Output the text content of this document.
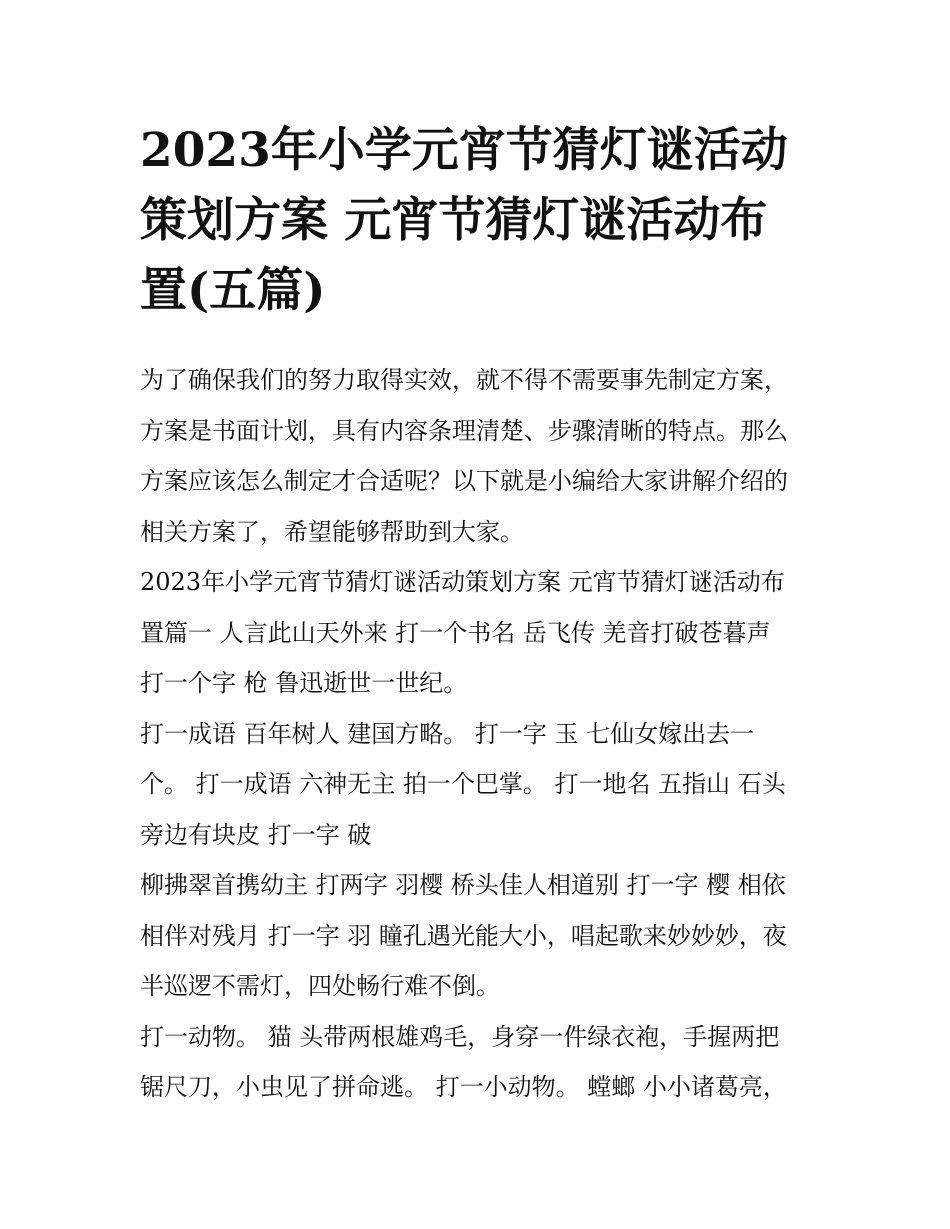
2023年小学元宵节猜灯谜活动
策划方案 元宵节猜灯谜活动布
置(五篇)

为了确保我们的努力取得实效，就不得不需要事先制定方案，
方案是书面计划，具有内容条理清楚、步骤清晰的特点。那么
方案应该怎么制定才合适呢？以下就是小编给大家讲解介绍的
相关方案了，希望能够帮助到大家。

2023年小学元宵节猜灯谜活动策划方案 元宵节猜灯谜活动布
置篇一 人言此山天外来 打一个书名 岳飞传 羌音打破苍暮声
打一个字 枪 鲁迅逝世一世纪。

打一成语 百年树人 建国方略。 打一字 玉 七仙女嫁出去一
个。 打一成语 六神无主 拍一个巴掌。 打一地名 五指山 石头
旁边有块皮 打一字 破

柳拂翠首携幼主 打两字 羽樱 桥头佳人相道别 打一字 樱 相依
相伴对残月 打一字 羽 瞳孔遇光能大小，唱起歌来妙妙妙，夜
半巡逻不需灯，四处畅行难不倒。

打一动物。 猫 头带两根雄鸡毛，身穿一件绿衣袍，手握两把
锯尺刀，小虫见了拼命逃。 打一小动物。 螳螂 小小诸葛亮，
